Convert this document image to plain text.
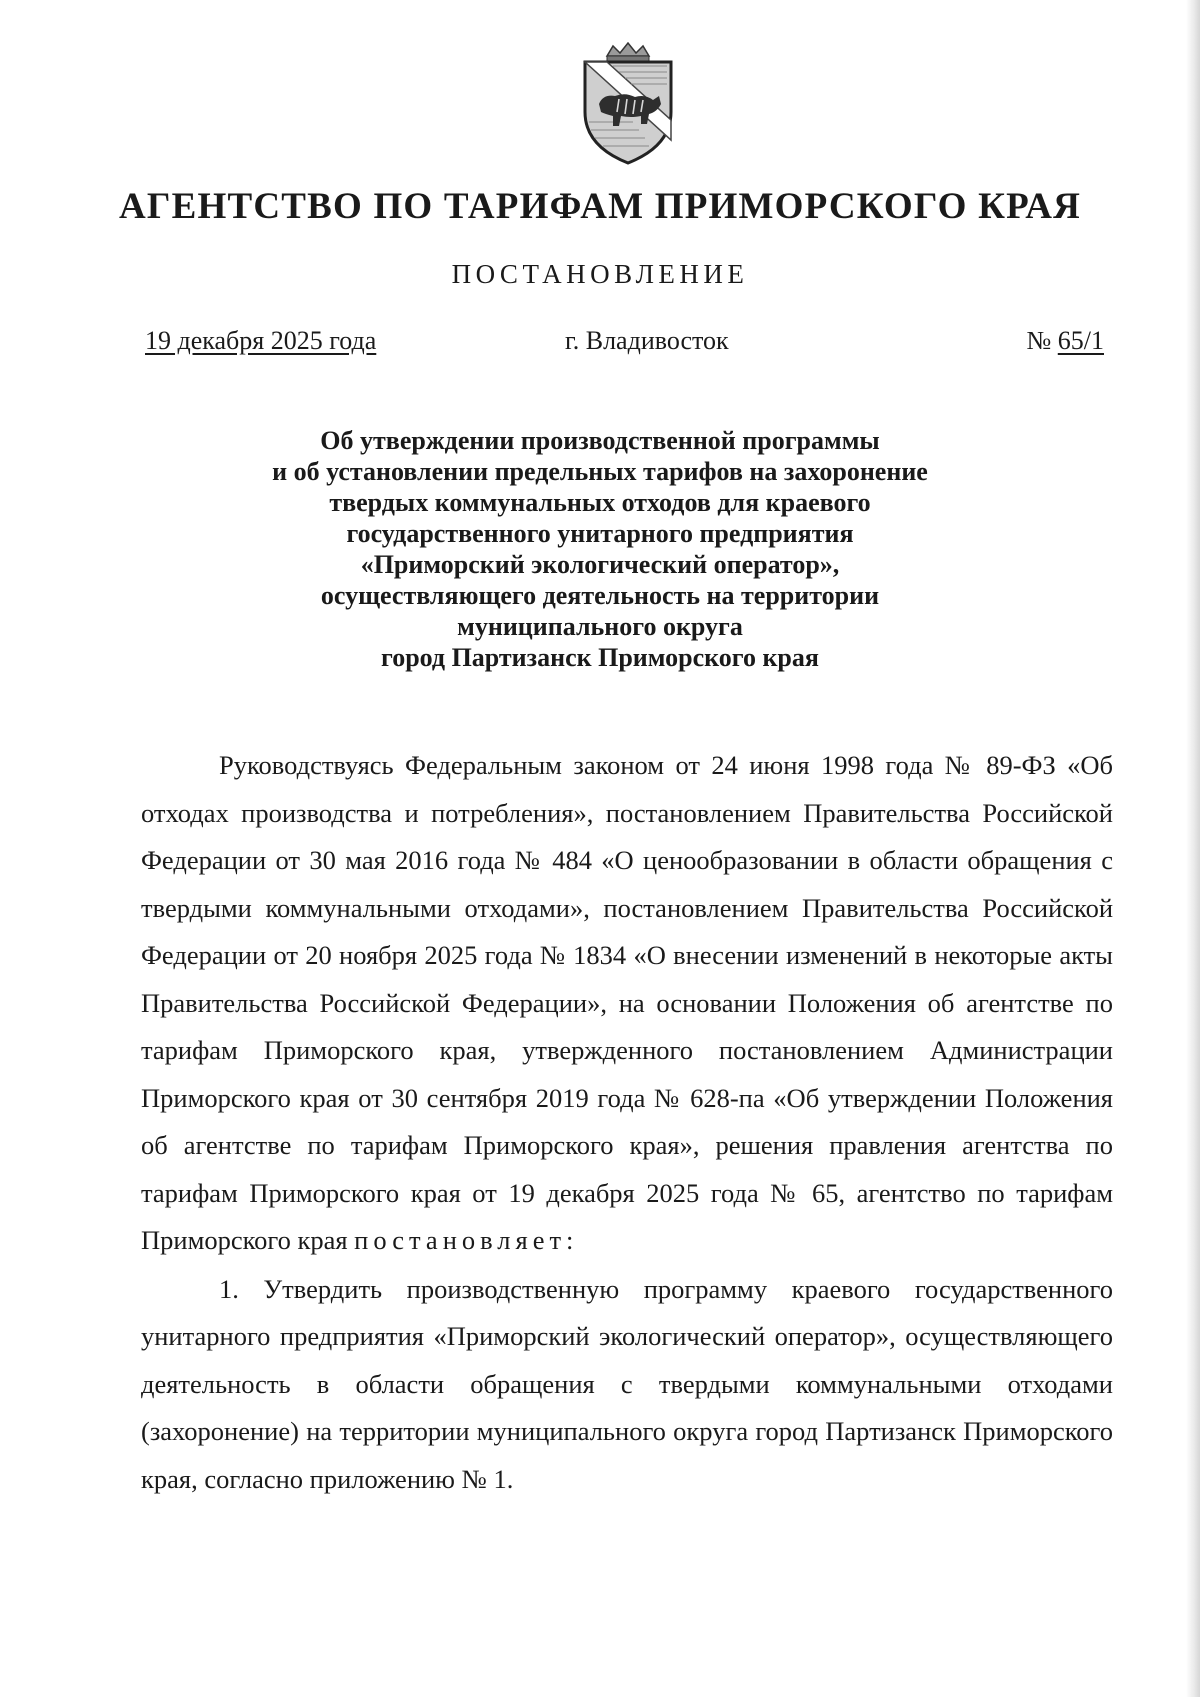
АГЕНТСТВО ПО ТАРИФАМ ПРИМОРСКОГО КРАЯ
ПОСТАНОВЛЕНИЕ
19 декабря 2025 года	г. Владивосток	№ 65/1
Об утверждении производственной программы
и об установлении предельных тарифов на захоронение
твердых коммунальных отходов для краевого
государственного унитарного предприятия
«Приморский экологический оператор»,
осуществляющего деятельность на территории
муниципального округа
город Партизанск Приморского края

Руководствуясь Федеральным законом от 24 июня 1998 года № 89-ФЗ «Об отходах производства и потребления», постановлением Правительства Российской Федерации от 30 мая 2016 года № 484 «О ценообразовании в области обращения с твердыми коммунальными отходами», постановлением Правительства Российской Федерации от 20 ноября 2025 года № 1834 «О внесении изменений в некоторые акты Правительства Российской Федерации», на основании Положения об агентстве по тарифам Приморского края, утвержденного постановлением Администрации Приморского края от 30 сентября 2019 года № 628-па «Об утверждении Положения об агентстве по тарифам Приморского края», решения правления агентства по тарифам Приморского края от 19 декабря 2025 года № 65, агентство по тарифам Приморского края постановляет:

1. Утвердить производственную программу краевого государственного унитарного предприятия «Приморский экологический оператор», осуществляющего деятельность в области обращения с твердыми коммунальными отходами (захоронение) на территории муниципального округа город Партизанск Приморского края, согласно приложению № 1.
